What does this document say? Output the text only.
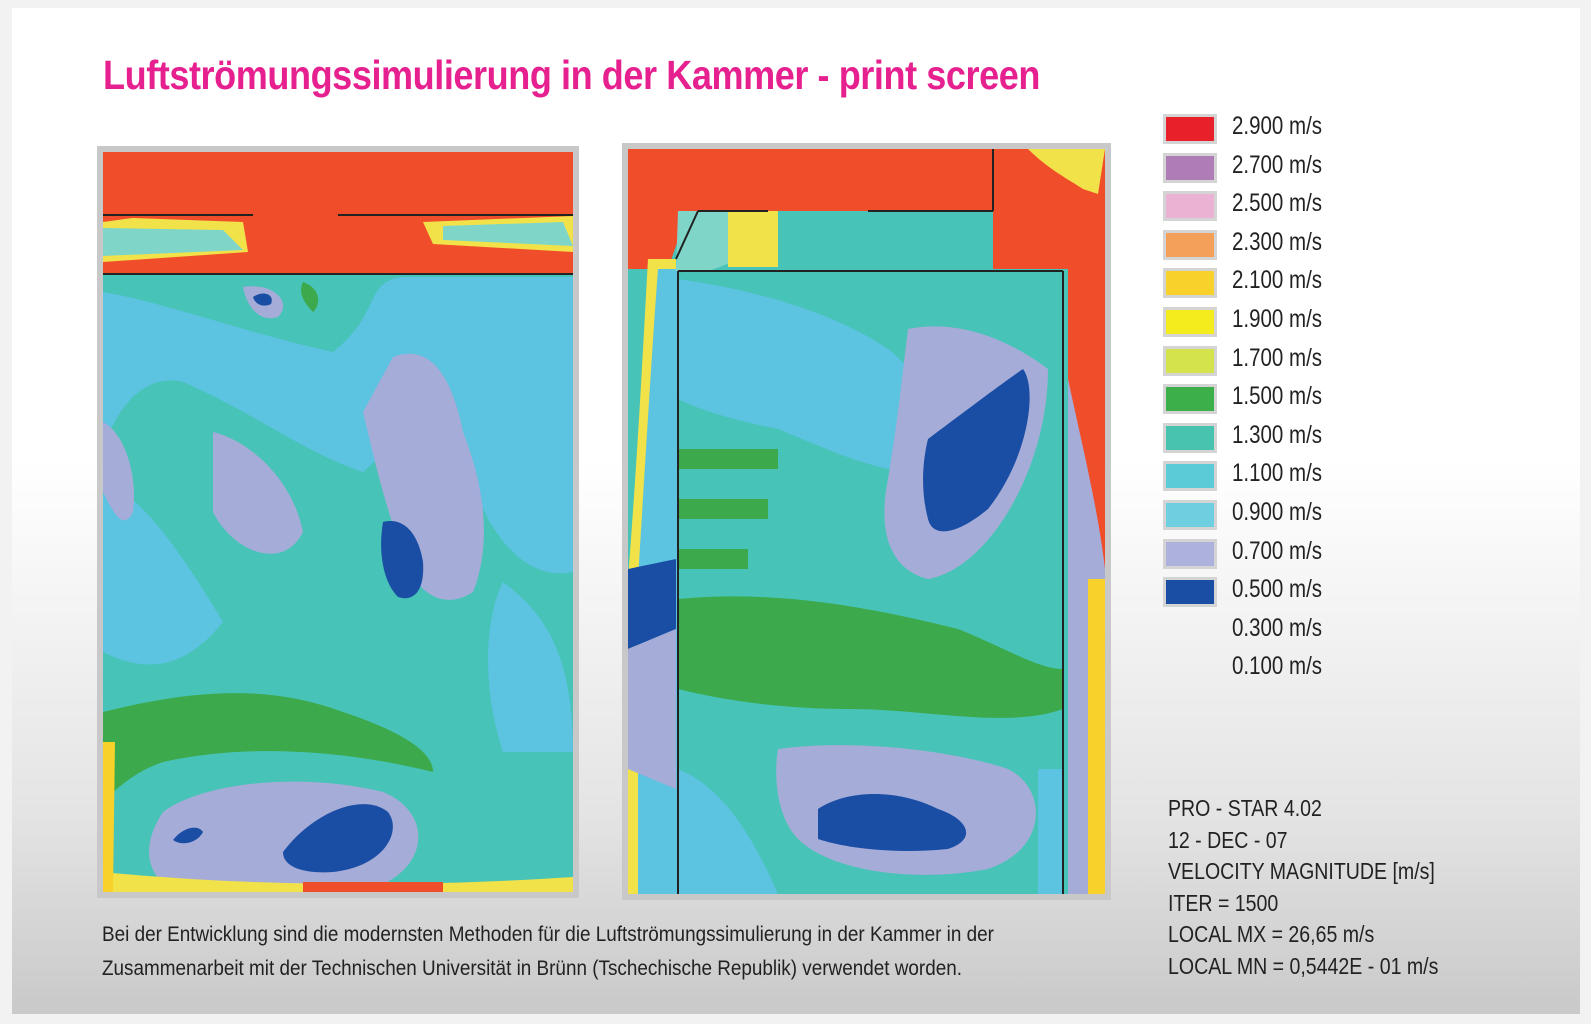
Luftströmungssimulierung in der Kammer - print screen
2.900 m/s
2.700 m/s
2.500 m/s
2.300 m/s
2.100 m/s
1.900 m/s
1.700 m/s
1.500 m/s
1.300 m/s
1.100 m/s
0.900 m/s
0.700 m/s
0.500 m/s
0.300 m/s
0.100 m/s
PRO - STAR 4.02
12 - DEC - 07
VELOCITY MAGNITUDE [m/s]
ITER = 1500
LOCAL MX = 26,65 m/s
LOCAL MN = 0,5442E - 01 m/s

Bei der Entwicklung sind die modernsten Methoden für die Luftströmungssimulierung in der Kammer in der
Zusammenarbeit mit der Technischen Universität in Brünn (Tschechische Republik) verwendet worden.
